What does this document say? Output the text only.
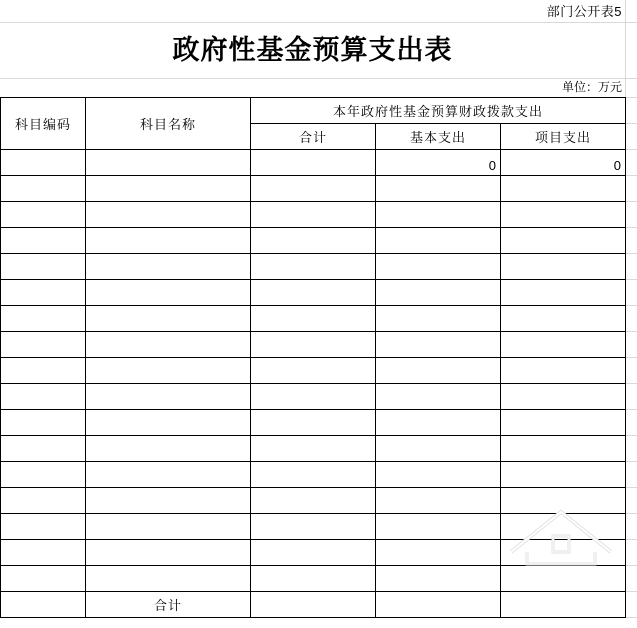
部门公开表5
政府性基金预算支出表
单位：万元
科目编码	科目名称	本年政府性基金预算财政拨款支出		
		合计	基本支出	项目支出
			0	0

	合计			
